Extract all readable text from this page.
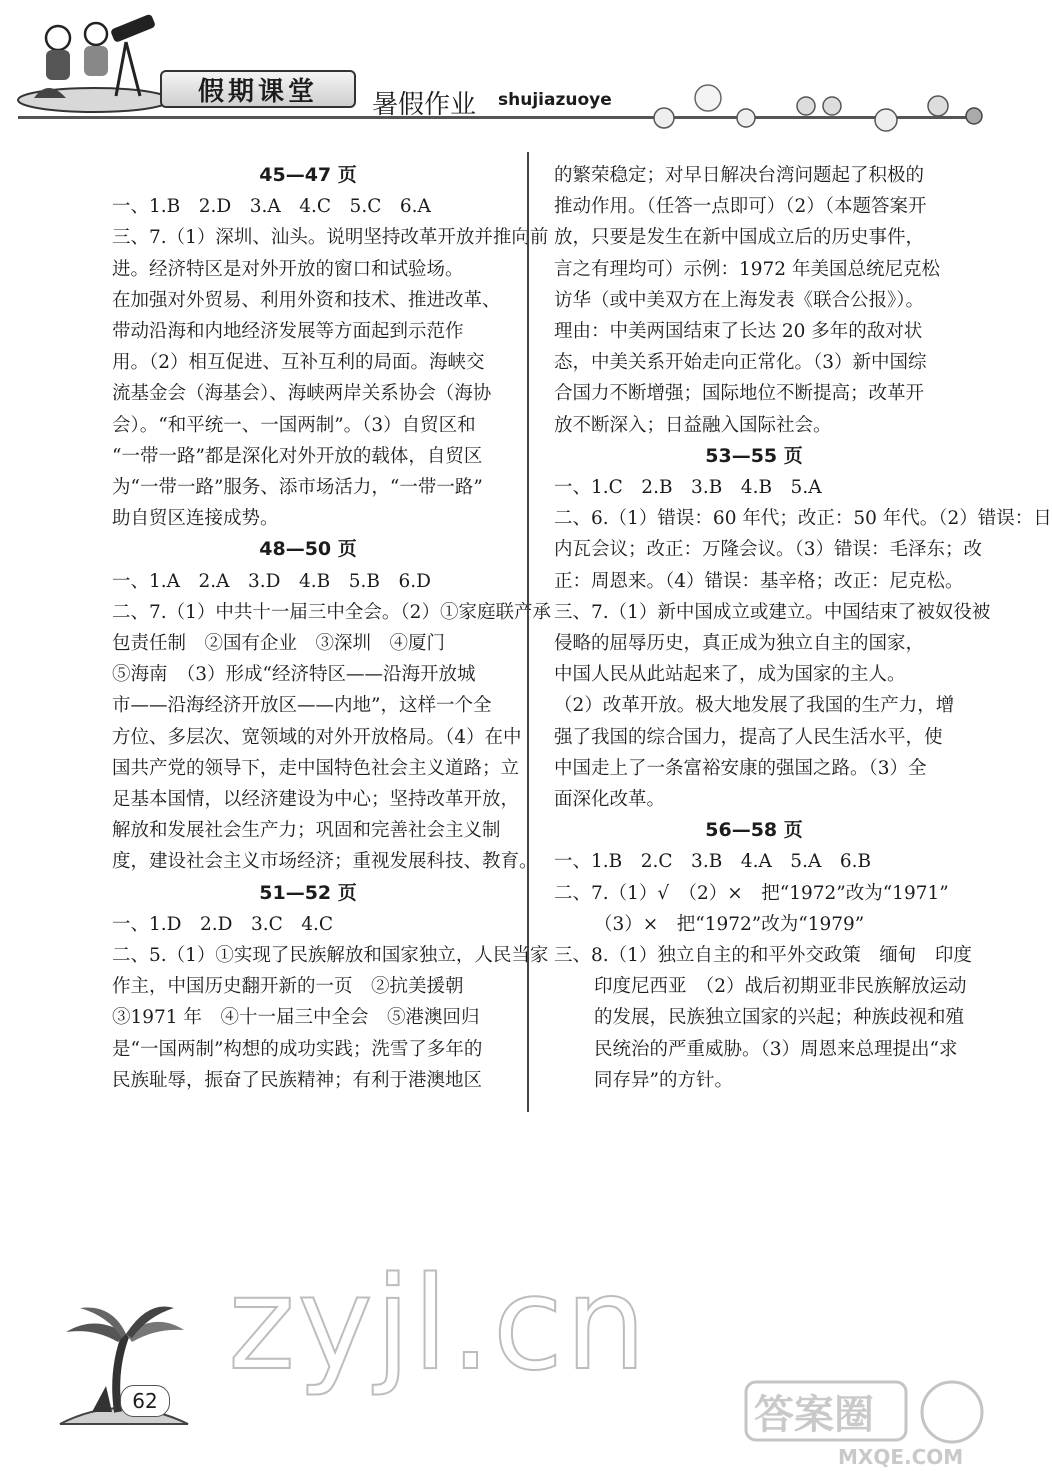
假期课堂	暑假作业 shujiazuoye
45—47 页
一、1.B　2.D　3.A　4.C　5.C　6.A
三、7.（1）深圳、汕头。说明坚持改革开放并推向前
进。经济特区是对外开放的窗口和试验场。
在加强对外贸易、利用外资和技术、推进改革、
带动沿海和内地经济发展等方面起到示范作
用。（2）相互促进、互补互利的局面。海峡交
流基金会（海基会）、海峡两岸关系协会（海协
会）。“和平统一、一国两制”。（3）自贸区和
“一带一路”都是深化对外开放的载体，自贸区
为“一带一路”服务、添市场活力，“一带一路”
助自贸区连接成势。
48—50 页
一、1.A　2.A　3.D　4.B　5.B　6.D
二、7.（1）中共十一届三中全会。（2）①家庭联产承
包责任制　②国有企业　③深圳　④厦门
⑤海南　（3）形成“经济特区——沿海开放城
市——沿海经济开放区——内地”，这样一个全
方位、多层次、宽领域的对外开放格局。（4）在中
国共产党的领导下，走中国特色社会主义道路；立
足基本国情，以经济建设为中心；坚持改革开放，
解放和发展社会生产力；巩固和完善社会主义制
度，建设社会主义市场经济；重视发展科技、教育。
51—52 页
一、1.D　2.D　3.C　4.C
二、5.（1）①实现了民族解放和国家独立，人民当家
作主，中国历史翻开新的一页　②抗美援朝
③1971 年　④十一届三中全会　⑤港澳回归
是“一国两制”构想的成功实践；洗雪了多年的
民族耻辱，振奋了民族精神；有利于港澳地区
的繁荣稳定；对早日解决台湾问题起了积极的
推动作用。（任答一点即可）（2）（本题答案开
放，只要是发生在新中国成立后的历史事件，
言之有理均可）示例：1972 年美国总统尼克松
访华（或中美双方在上海发表《联合公报》）。
理由：中美两国结束了长达 20 多年的敌对状
态，中美关系开始走向正常化。（3）新中国综
合国力不断增强；国际地位不断提高；改革开
放不断深入；日益融入国际社会。
53—55 页
一、1.C　2.B　3.B　4.B　5.A
二、6.（1）错误：60 年代；改正：50 年代。（2）错误：日
内瓦会议；改正：万隆会议。（3）错误：毛泽东；改
正：周恩来。（4）错误：基辛格；改正：尼克松。
三、7.（1）新中国成立或建立。中国结束了被奴役被
侵略的屈辱历史，真正成为独立自主的国家，
中国人民从此站起来了，成为国家的主人。
（2）改革开放。极大地发展了我国的生产力，增
强了我国的综合国力，提高了人民生活水平，使
中国走上了一条富裕安康的强国之路。（3）全
面深化改革。
56—58 页
一、1.B　2.C　3.B　4.A　5.A　6.B
二、7.（1）√　（2）×　把“1972”改为“1971”
（3）×　把“1972”改为“1979”
三、8.（1）独立自主的和平外交政策　缅甸　印度
印度尼西亚　（2）战后初期亚非民族解放运动
的发展，民族独立国家的兴起；种族歧视和殖
民统治的严重威胁。（3）周恩来总理提出“求
同存异”的方针。
zyjl.cn
62	答案圈
MXQE.COM
